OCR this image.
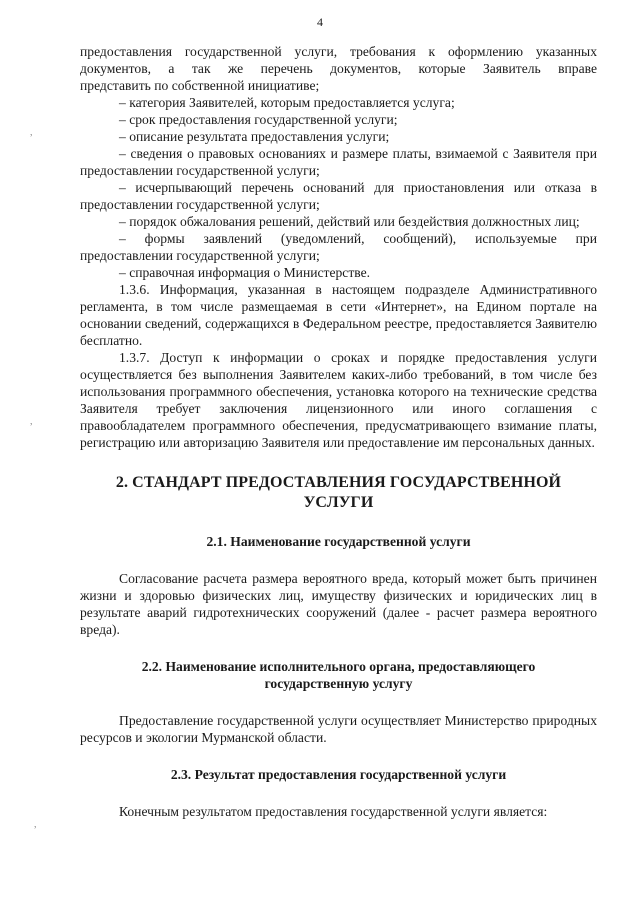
4
,
,
,

предоставления государственной услуги, требования к оформлению указанных

документов, а так же перечень документов, которые Заявитель вправе

представить по собственной инициативе;

– категория Заявителей, которым предоставляется услуга;

– срок предоставления государственной услуги;

– описание результата предоставления услуги;

– сведения о правовых основаниях и размере платы, взимаемой с Заявителя при предоставлении государственной услуги;

– исчерпывающий перечень оснований для приостановления или отказа в предоставлении государственной услуги;

– порядок обжалования решений, действий или бездействия должностных лиц;

– формы заявлений (уведомлений, сообщений), используемые при предоставлении государственной услуги;

– справочная информация о Министерстве.

1.3.6. Информация, указанная в настоящем подразделе Административного регламента, в том числе размещаемая в сети «Интернет», на Едином портале на основании сведений, содержащихся в Федеральном реестре, предоставляется Заявителю бесплатно.

1.3.7. Доступ к информации о сроках и порядке предоставления услуги осуществляется без выполнения Заявителем каких-либо требований, в том числе без использования программного обеспечения, установка которого на технические средства Заявителя требует заключения лицензионного или иного соглашения с правообладателем программного обеспечения, предусматривающего взимание платы, регистрацию или авторизацию Заявителя или предоставление им персональных данных.

2. СТАНДАРТ ПРЕДОСТАВЛЕНИЯ ГОСУДАРСТВЕННОЙ УСЛУГИ
2.1. Наименование государственной услуги

Согласование расчета размера вероятного вреда, который может быть причинен жизни и здоровью физических лиц, имуществу физических и юридических лиц в результате аварий гидротехнических сооружений (далее - расчет размера вероятного вреда).

2.2. Наименование исполнительного органа, предоставляющего
государственную услугу

Предоставление государственной услуги осуществляет Министерство природных ресурсов и экологии Мурманской области.

2.3. Результат предоставления государственной услуги

Конечным результатом предоставления государственной услуги является:
